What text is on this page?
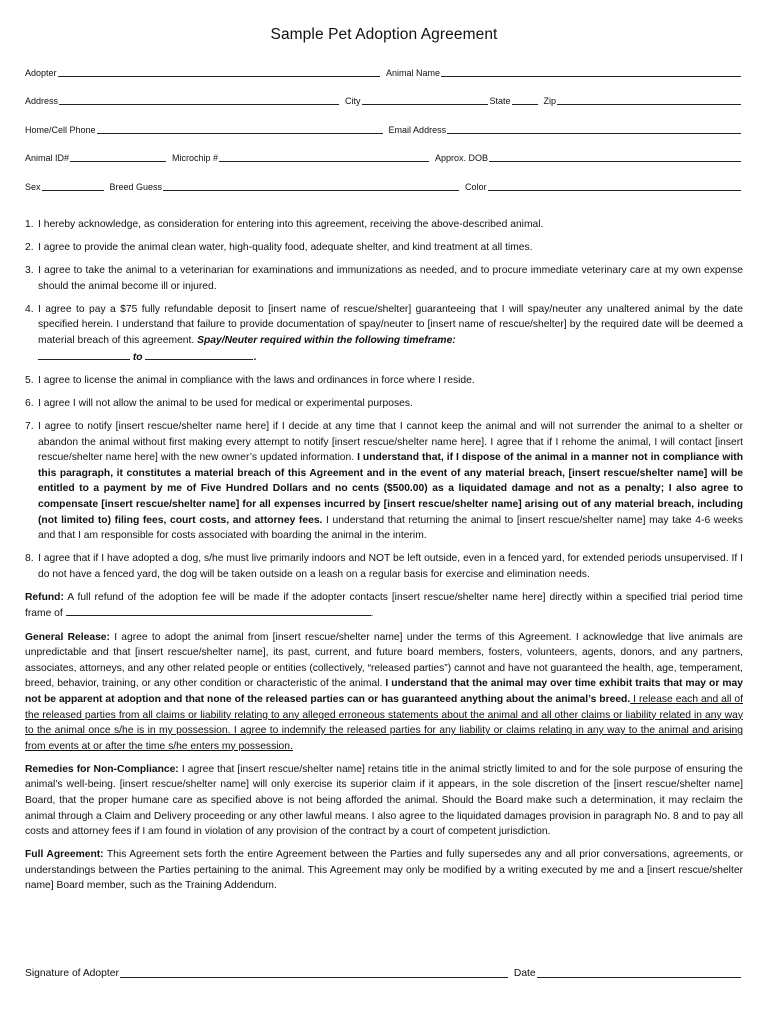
Sample Pet Adoption Agreement
Adopter	Animal Name
Address	City	State	Zip
Home/Cell Phone	Email Address
Animal ID#	Microchip #	Approx. DOB
Sex	Breed Guess	Color
1. I hereby acknowledge, as consideration for entering into this agreement, receiving the above-described animal.
2. I agree to provide the animal clean water, high-quality food, adequate shelter, and kind treatment at all times.
3. I agree to take the animal to a veterinarian for examinations and immunizations as needed, and to procure immediate veterinary care at my own expense should the animal become ill or injured.
4. I agree to pay a $75 fully refundable deposit to [insert name of rescue/shelter] guaranteeing that I will spay/neuter any unaltered animal by the date specified herein. I understand that failure to provide documentation of spay/neuter to [insert name of rescue/shelter] by the required date will be deemed a material breach of this agreement. Spay/Neuter required within the following timeframe:
to	.
5. I agree to license the animal in compliance with the laws and ordinances in force where I reside.
6. I agree I will not allow the animal to be used for medical or experimental purposes.
7. I agree to notify [insert rescue/shelter name here] if I decide at any time that I cannot keep the animal and will not surrender the animal to a shelter or abandon the animal without first making every attempt to notify [insert rescue/shelter name here]. I agree that if I rehome the animal, I will contact [insert rescue/shelter name here] with the new owner’s updated information. I understand that, if I dispose of the animal in a manner not in compliance with this paragraph, it constitutes a material breach of this Agreement and in the event of any material breach, [insert rescue/shelter name] will be entitled to a payment by me of Five Hundred Dollars and no cents ($500.00) as a liquidated damage and not as a penalty; I also agree to compensate [insert rescue/shelter name] for all expenses incurred by [insert rescue/shelter name] arising out of any material breach, including (not limited to) filing fees, court costs, and attorney fees. I understand that returning the animal to [insert rescue/shelter name] may take 4-6 weeks and that I am responsible for costs associated with boarding the animal in the interim.
8. I agree that if I have adopted a dog, s/he must live primarily indoors and NOT be left outside, even in a fenced yard, for extended periods unsupervised. If I do not have a fenced yard, the dog will be taken outside on a leash on a regular basis for exercise and elimination needs.
Refund: A full refund of the adoption fee will be made if the adopter contacts [insert rescue/shelter name here] directly within a specified trial period time frame of	.
General Release: I agree to adopt the animal from [insert rescue/shelter name] under the terms of this Agreement. I acknowledge that live animals are unpredictable and that [insert rescue/shelter name], its past, current, and future board members, fosters, volunteers, agents, donors, and any partners, associates, attorneys, and any other related people or entities (collectively, “released parties”) cannot and have not guaranteed the health, age, temperament, breed, behavior, training, or any other condition or characteristic of the animal. I understand that the animal may over time exhibit traits that may or may not be apparent at adoption and that none of the released parties can or has guaranteed anything about the animal’s breed. I release each and all of the released parties from all claims or liability relating to any alleged erroneous statements about the animal and all other claims or liability related in any way to the animal once s/he is in my possession. I agree to indemnify the released parties for any liability or claims relating in any way to the animal and arising from events at or after the time s/he enters my possession.
Remedies for Non-Compliance: I agree that [insert rescue/shelter name] retains title in the animal strictly limited to and for the sole purpose of ensuring the animal’s well-being. [insert rescue/shelter name] will only exercise its superior claim if it appears, in the sole discretion of the [insert rescue/shelter name] Board, that the proper humane care as specified above is not being afforded the animal. Should the Board make such a determination, it may reclaim the animal through a Claim and Delivery proceeding or any other lawful means. I also agree to the liquidated damages provision in paragraph No. 8 and to pay all costs and attorney fees if I am found in violation of any provision of the contract by a court of competent jurisdiction.
Full Agreement: This Agreement sets forth the entire Agreement between the Parties and fully supersedes any and all prior conversations, agreements, or understandings between the Parties pertaining to the animal. This Agreement may only be modified by a writing executed by me and a [insert rescue/shelter name] Board member, such as the Training Addendum.
Signature of Adopter	Date
